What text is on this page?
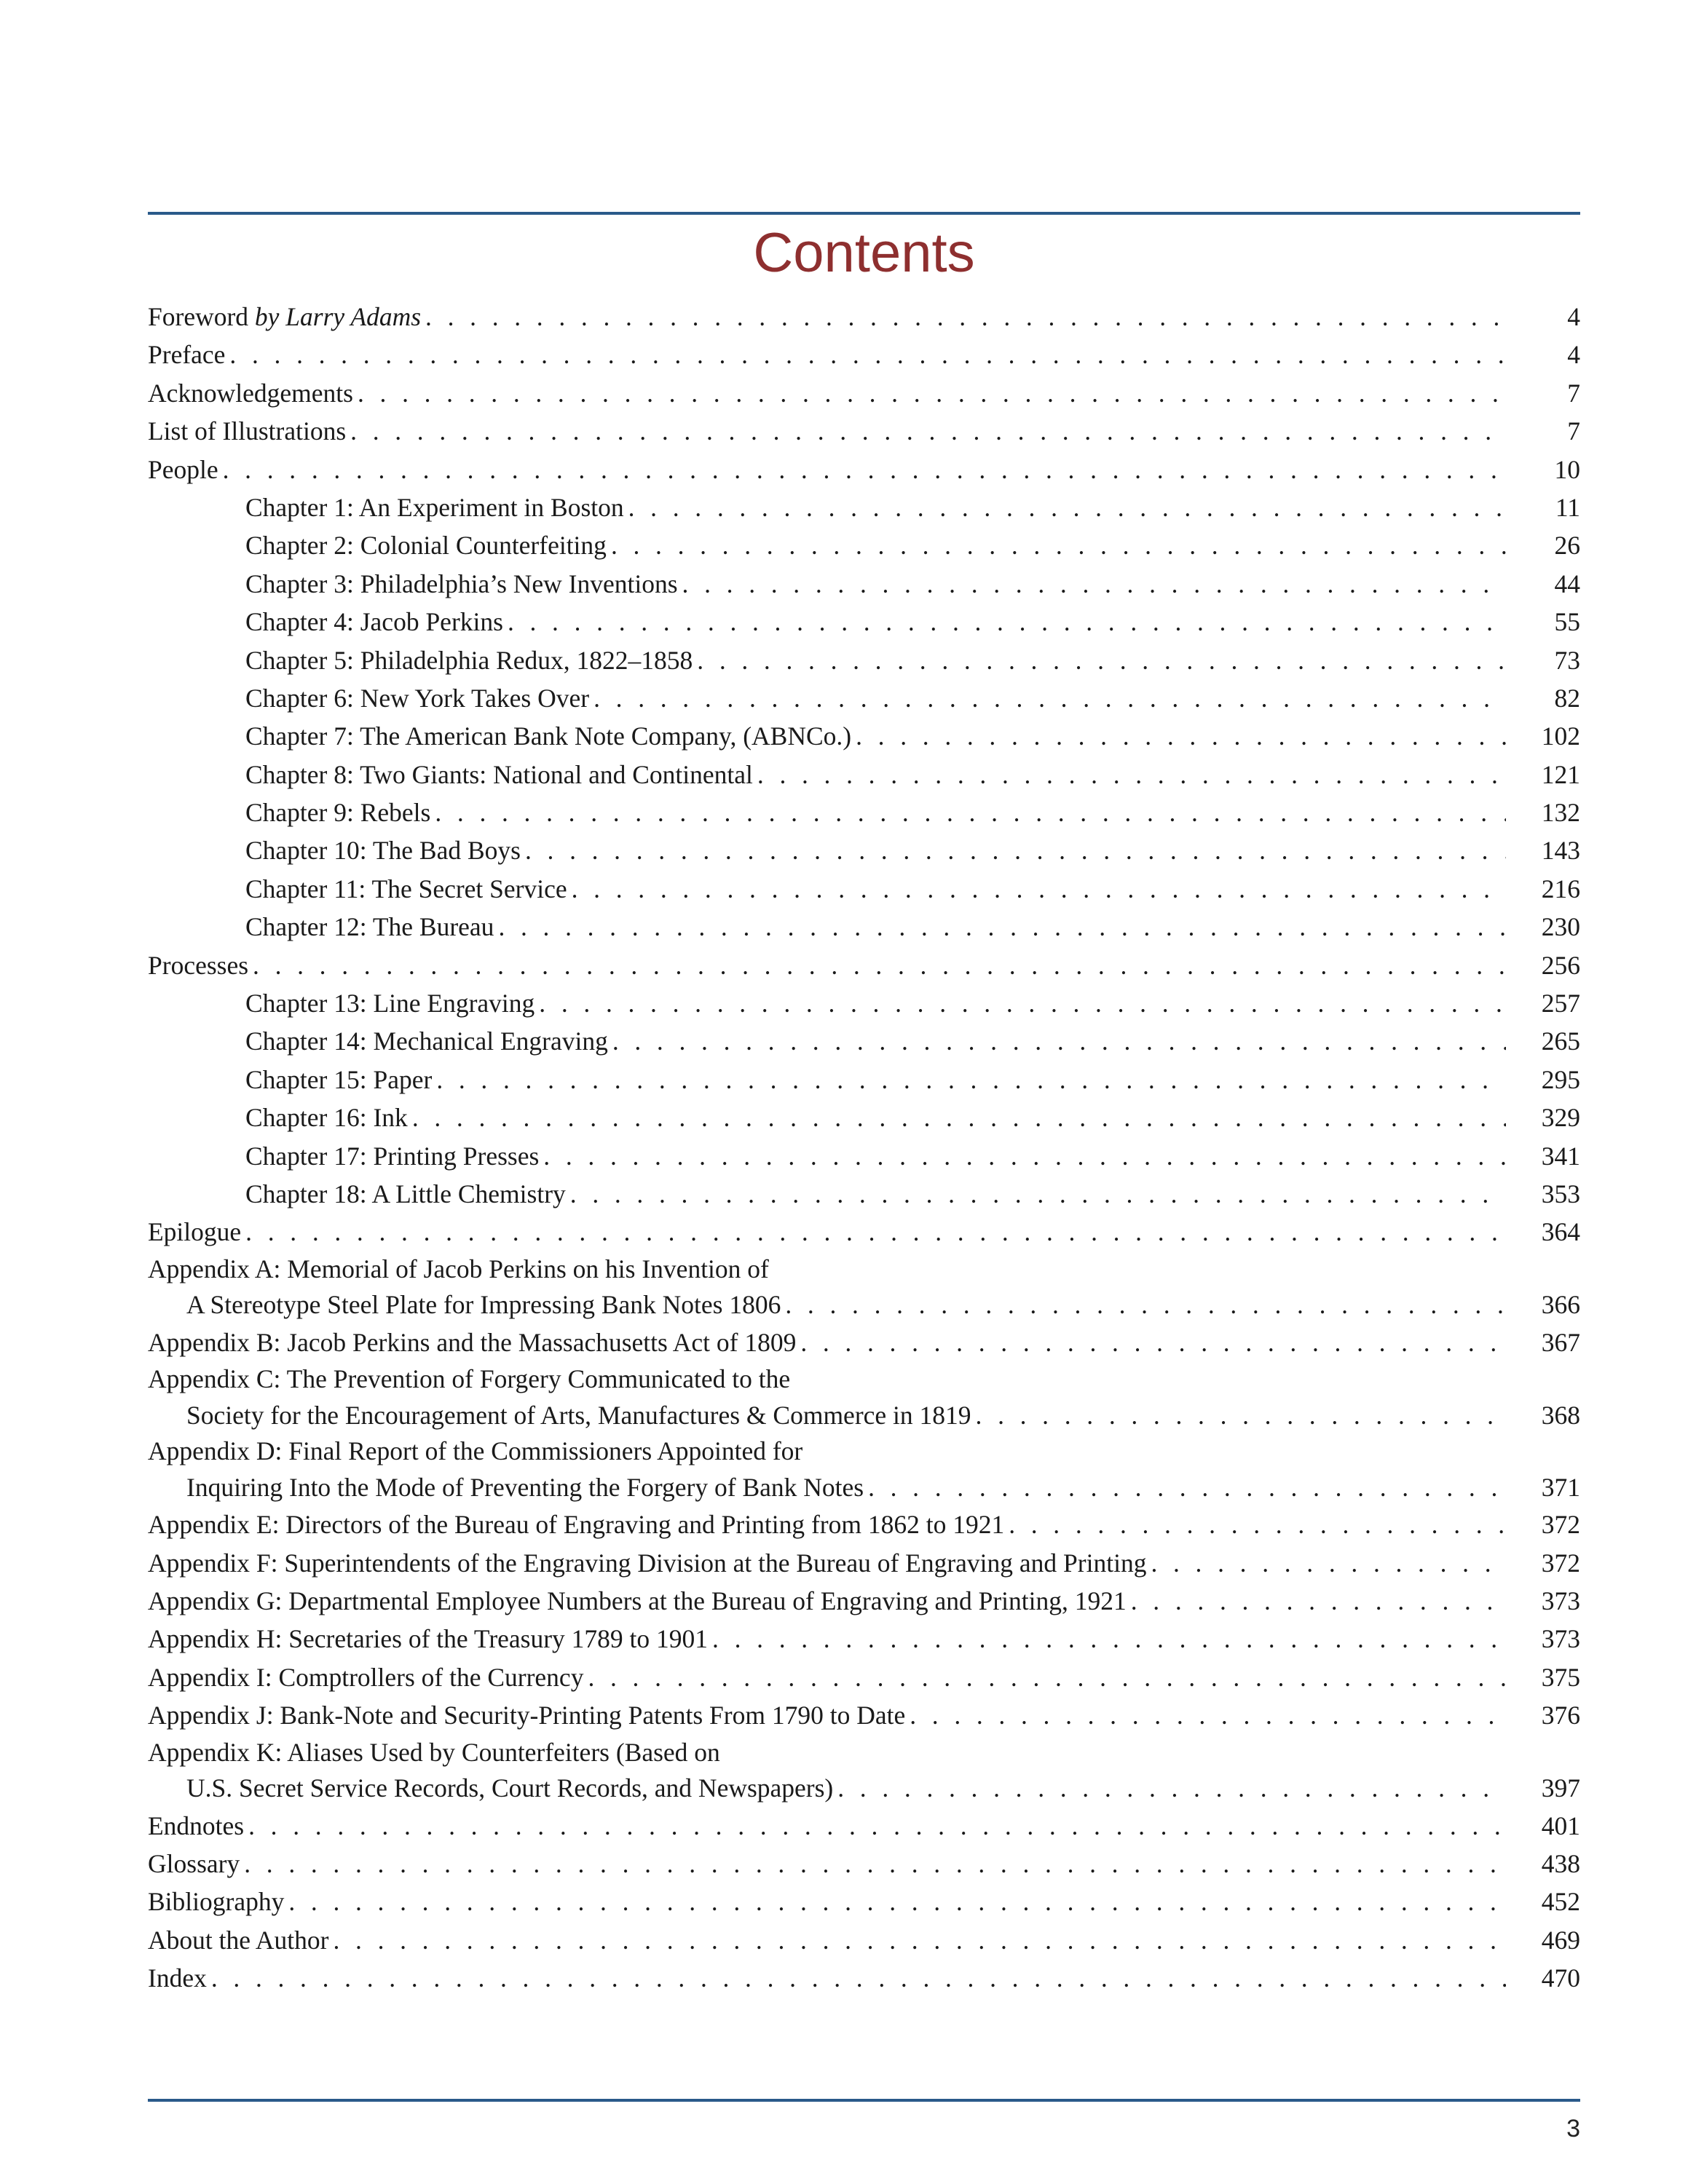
Contents
Foreword by Larry Adams . . .	4
Preface . . .	4
Acknowledgements . . .	7
List of Illustrations . . .	7
People . . .	10
Chapter 1: An Experiment in Boston . . .	11
Chapter 2: Colonial Counterfeiting . . .	26
Chapter 3: Philadelphia’s New Inventions . . .	44
Chapter 4: Jacob Perkins . . .	55
Chapter 5: Philadelphia Redux, 1822–1858 . . .	73
Chapter 6: New York Takes Over . . .	82
Chapter 7: The American Bank Note Company, (ABNCo.) . . .	102
Chapter 8: Two Giants: National and Continental . . .	121
Chapter 9: Rebels . . .	132
Chapter 10: The Bad Boys . . .	143
Chapter 11: The Secret Service . . .	216
Chapter 12: The Bureau . . .	230
Processes . . .	256
Chapter 13: Line Engraving . . .	257
Chapter 14: Mechanical Engraving . . .	265
Chapter 15: Paper . . .	295
Chapter 16: Ink . . .	329
Chapter 17: Printing Presses . . .	341
Chapter 18: A Little Chemistry . . .	353
Epilogue . . .	364
Appendix A: Memorial of Jacob Perkins on his Invention of
A Stereotype Steel Plate for Impressing Bank Notes 1806 . . .	366
Appendix B: Jacob Perkins and the Massachusetts Act of 1809 . . .	367
Appendix C: The Prevention of Forgery Communicated to the
Society for the Encouragement of Arts, Manufactures & Commerce in 1819 . . .	368
Appendix D: Final Report of the Commissioners Appointed for
Inquiring Into the Mode of Preventing the Forgery of Bank Notes . . .	371
Appendix E: Directors of the Bureau of Engraving and Printing from 1862 to 1921 . . .	372
Appendix F: Superintendents of the Engraving Division at the Bureau of Engraving and Printing . . .	372
Appendix G: Departmental Employee Numbers at the Bureau of Engraving and Printing, 1921 . . .	373
Appendix H: Secretaries of the Treasury 1789 to 1901 . . .	373
Appendix I: Comptrollers of the Currency . . .	375
Appendix J: Bank-Note and Security-Printing Patents From 1790 to Date . . .	376
Appendix K: Aliases Used by Counterfeiters (Based on
U.S. Secret Service Records, Court Records, and Newspapers) . . .	397
Endnotes . . .	401
Glossary . . .	438
Bibliography . . .	452
About the Author . . .	469
Index . . .	470
3
